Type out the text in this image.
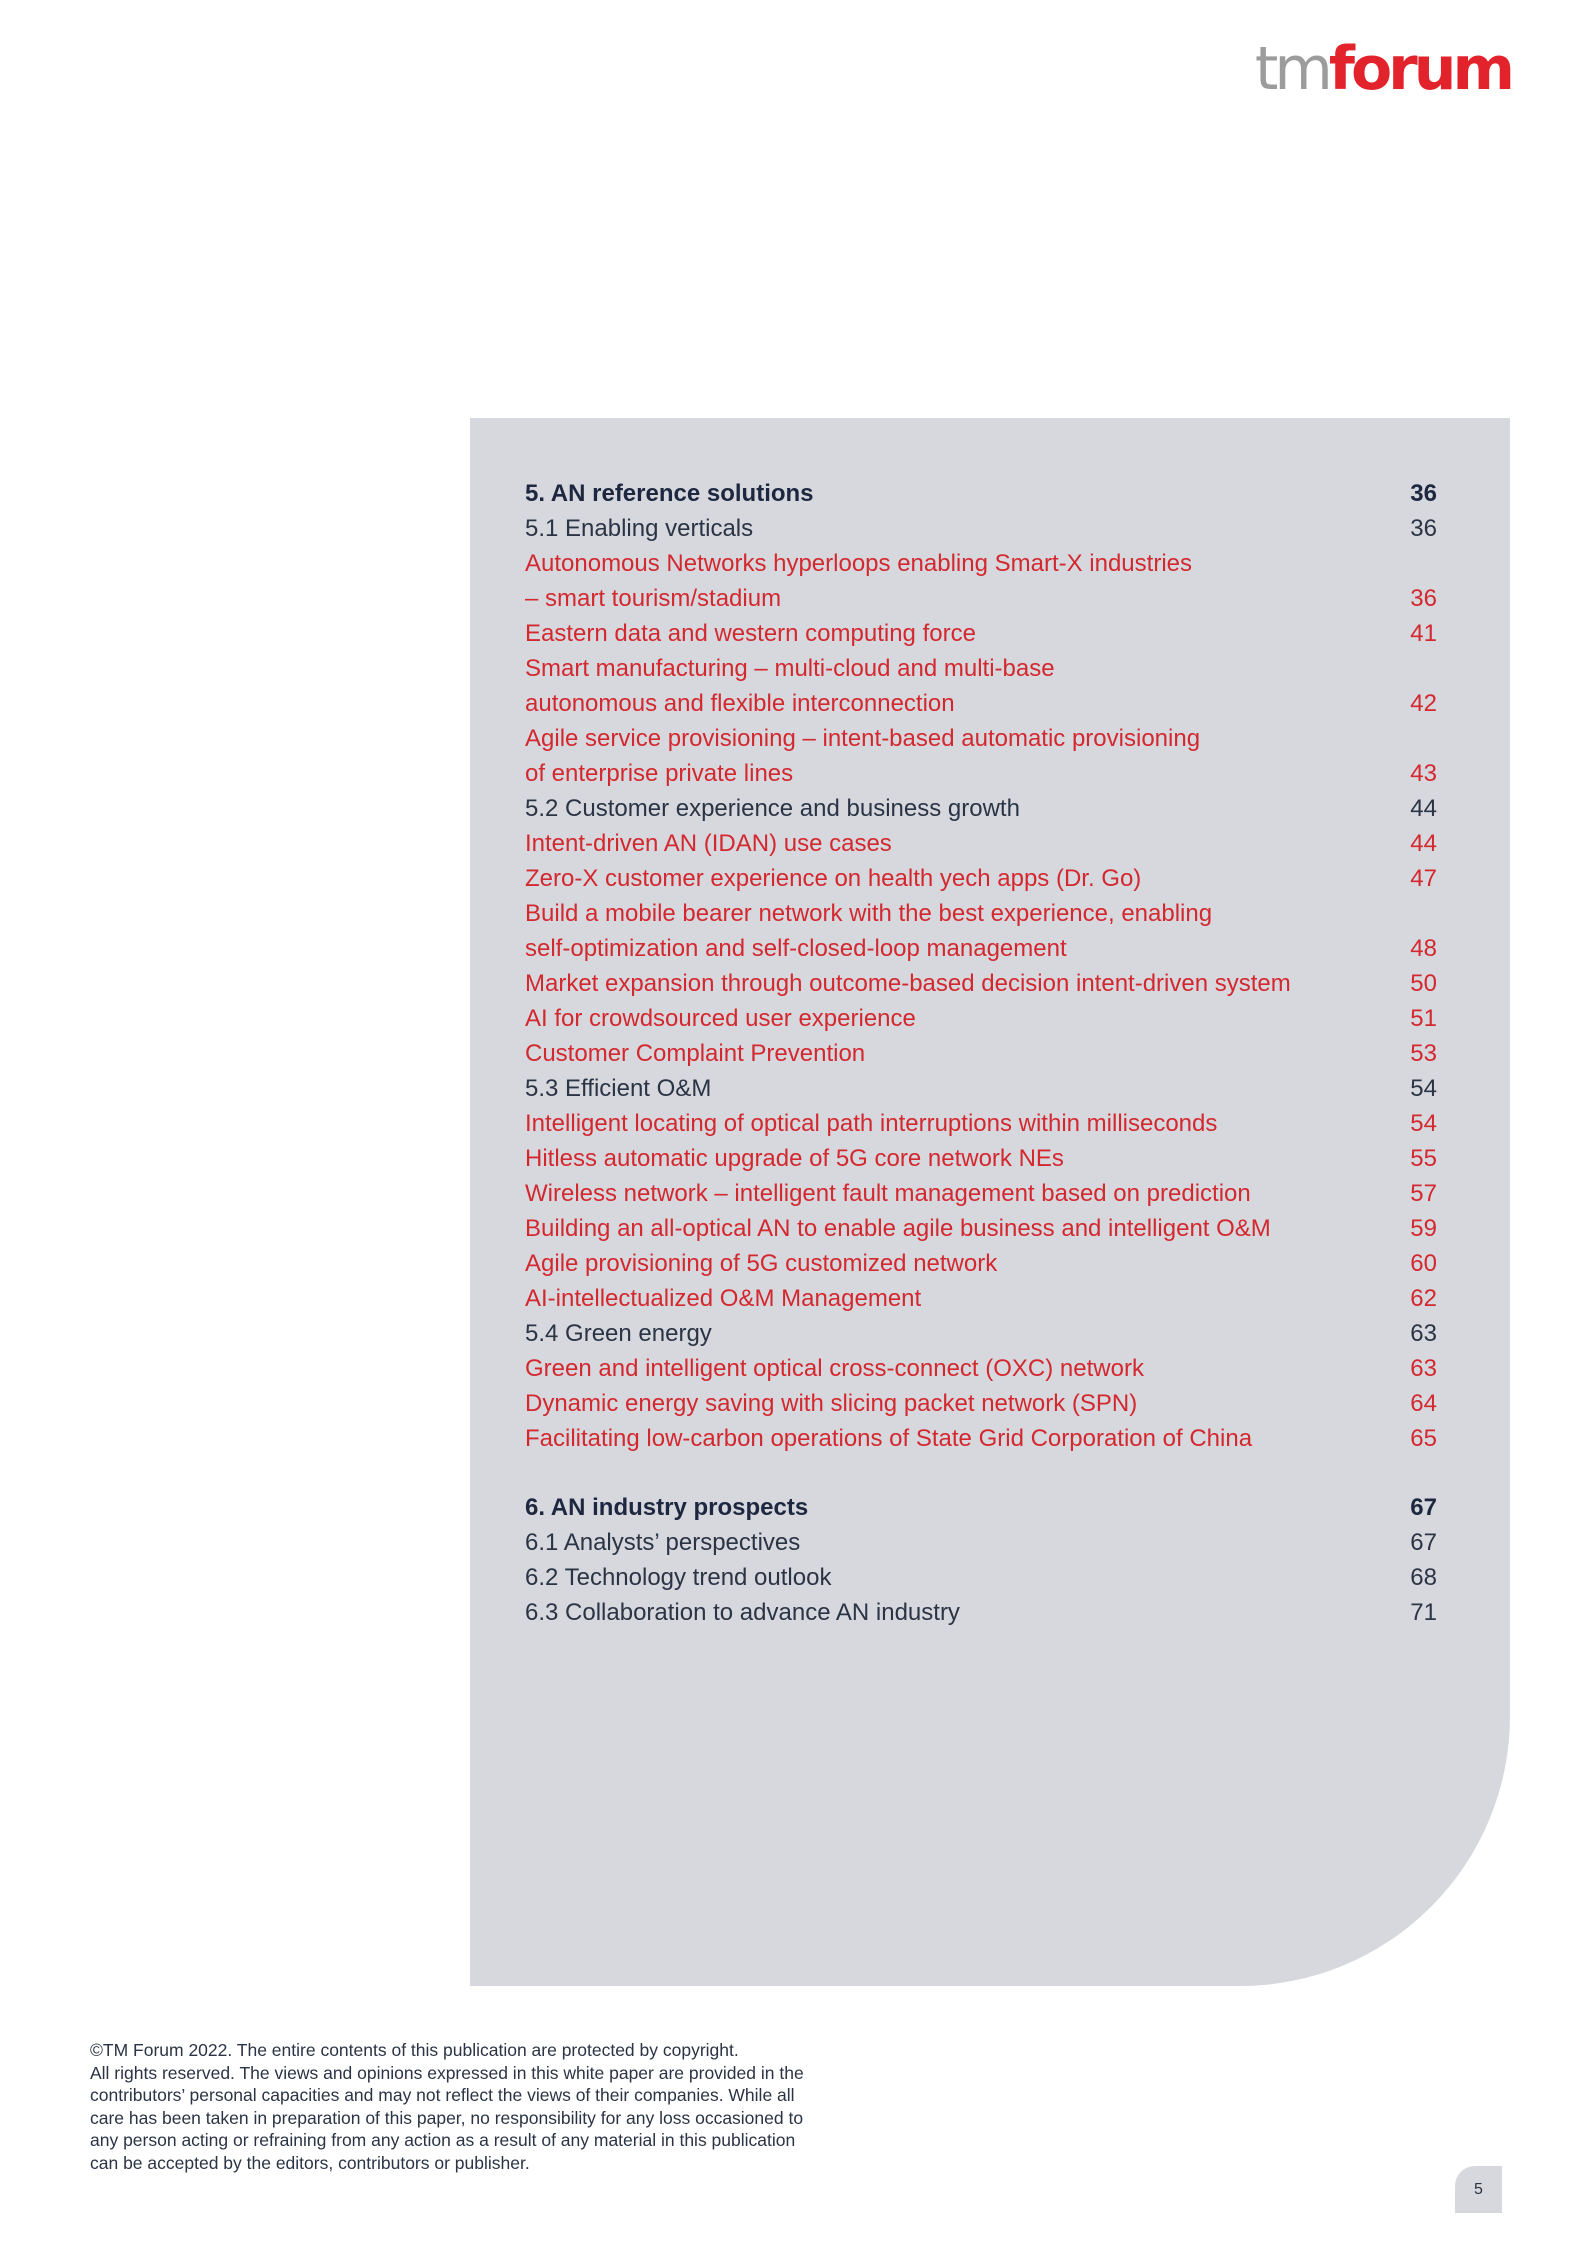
tmforum
5. AN reference solutions	36
5.1 Enabling verticals	36
Autonomous Networks hyperloops enabling Smart-X industries
– smart tourism/stadium	36
Eastern data and western computing force	41
Smart manufacturing – multi-cloud and multi-base
autonomous and flexible interconnection	42
Agile service provisioning – intent-based automatic provisioning
of enterprise private lines	43
5.2 Customer experience and business growth	44
Intent-driven AN (IDAN) use cases	44
Zero-X customer experience on health yech apps (Dr. Go)	47
Build a mobile bearer network with the best experience, enabling
self-optimization and self-closed-loop management	48
Market expansion through outcome-based decision intent-driven system	50
AI for crowdsourced user experience	51
Customer Complaint Prevention	53
5.3 Efficient O&M	54
Intelligent locating of optical path interruptions within milliseconds	54
Hitless automatic upgrade of 5G core network NEs	55
Wireless network – intelligent fault management based on prediction	57
Building an all-optical AN to enable agile business and intelligent O&M	59
Agile provisioning of 5G customized network	60
AI-intellectualized O&M Management	62
5.4 Green energy	63
Green and intelligent optical cross-connect (OXC) network	63
Dynamic energy saving with slicing packet network (SPN)	64
Facilitating low-carbon operations of State Grid Corporation of China	65
6. AN industry prospects	67
6.1 Analysts’ perspectives	67
6.2 Technology trend outlook	68
6.3 Collaboration to advance AN industry	71

©TM Forum 2022. The entire contents of this publication are protected by copyright.
All rights reserved. The views and opinions expressed in this white paper are provided in the
contributors’ personal capacities and may not reflect the views of their companies. While all
care has been taken in preparation of this paper, no responsibility for any loss occasioned to
any person acting or refraining from any action as a result of any material in this publication
can be accepted by the editors, contributors or publisher.

5
